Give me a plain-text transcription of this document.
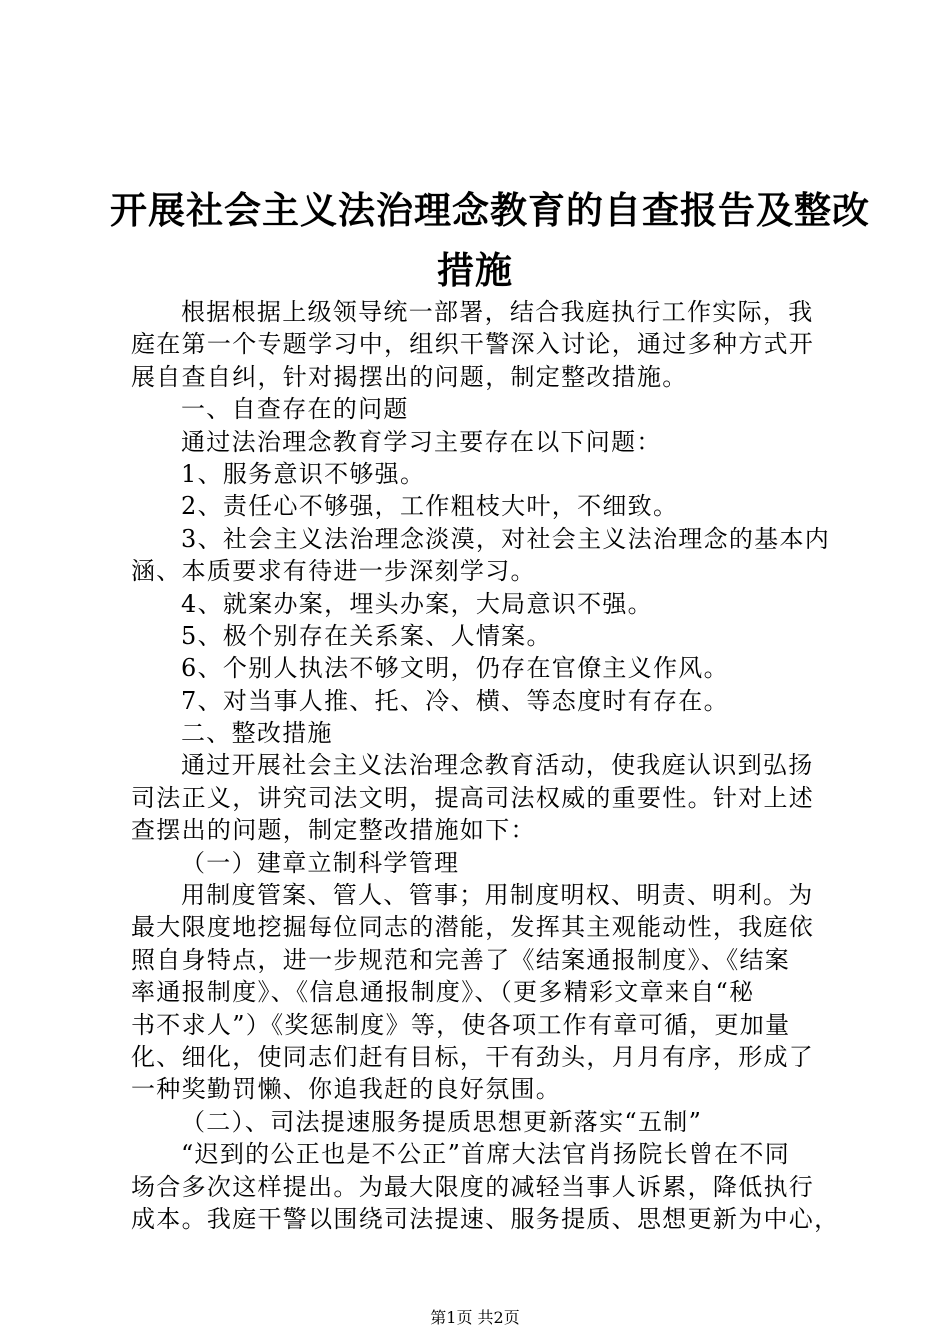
开展社会主义法治理念教育的自查报告及整改
措施
根据根据上级领导统一部署，结合我庭执行工作实际，我
庭在第一个专题学习中，组织干警深入讨论，通过多种方式开
展自查自纠，针对揭摆出的问题，制定整改措施。
一、自查存在的问题
通过法治理念教育学习主要存在以下问题：
1、服务意识不够强。
2、责任心不够强，工作粗枝大叶，不细致。
3、社会主义法治理念淡漠，对社会主义法治理念的基本内
涵、本质要求有待进一步深刻学习。
4、就案办案，埋头办案，大局意识不强。
5、极个别存在关系案、人情案。
6、个别人执法不够文明，仍存在官僚主义作风。
7、对当事人推、托、冷、横、等态度时有存在。
二、整改措施
通过开展社会主义法治理念教育活动，使我庭认识到弘扬
司法正义，讲究司法文明，提高司法权威的重要性。针对上述
查摆出的问题，制定整改措施如下：
（一）建章立制科学管理
用制度管案、管人、管事；用制度明权、明责、明利。为
最大限度地挖掘每位同志的潜能，发挥其主观能动性，我庭依
照自身特点，进一步规范和完善了《结案通报制度》、《结案
率通报制度》、《信息通报制度》、（更多精彩文章来自“秘
书不求人”）《奖惩制度》等，使各项工作有章可循，更加量
化、细化，使同志们赶有目标，干有劲头，月月有序，形成了
一种奖勤罚懒、你追我赶的良好氛围。
（二）、司法提速服务提质思想更新落实“五制”
“迟到的公正也是不公正”首席大法官肖扬院长曾在不同
场合多次这样提出。为最大限度的减轻当事人诉累，降低执行
成本。我庭干警以围绕司法提速、服务提质、思想更新为中心，
第1页 共2页
